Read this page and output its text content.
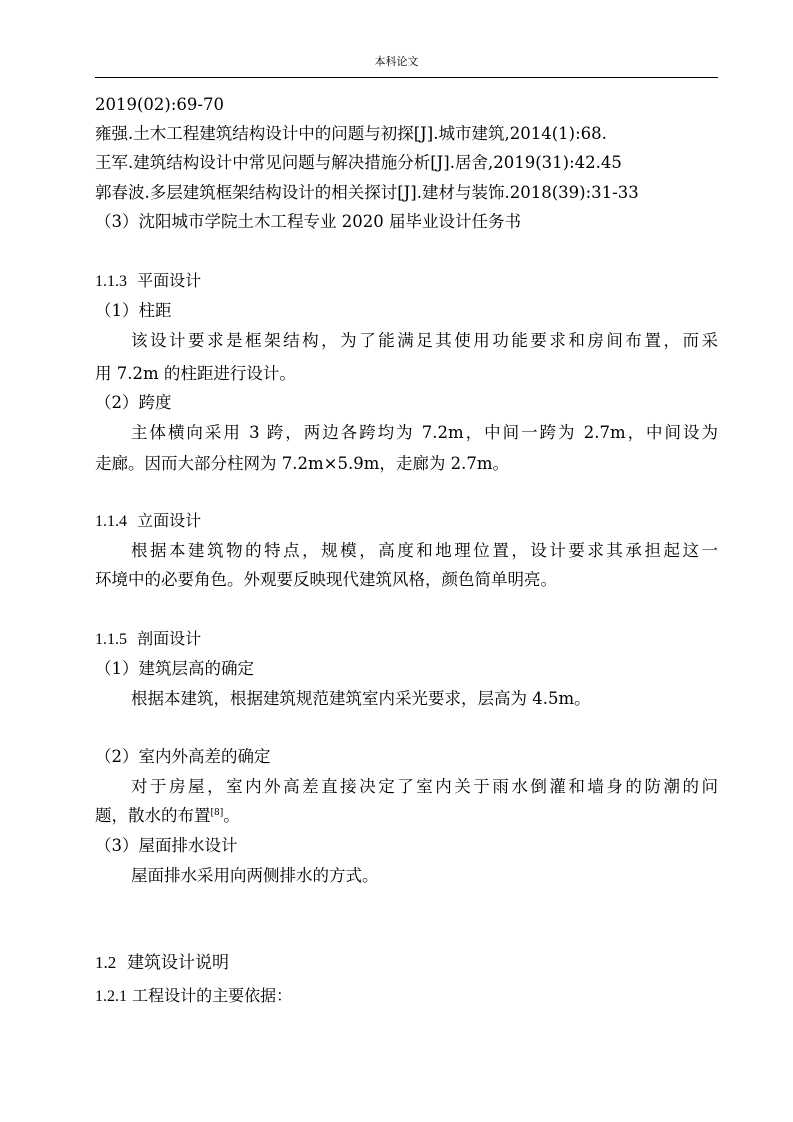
本科论文
2019(02):69-70
雍强.土木工程建筑结构设计中的问题与初探[J].城市建筑,2014(1):68.
王军.建筑结构设计中常见问题与解决措施分析[J].居舍,2019(31):42.45
郭春波.多层建筑框架结构设计的相关探讨[J].建材与装饰.2018(39):31-33
（3）沈阳城市学院土木工程专业 2020 届毕业设计任务书
1.1.3 平面设计
（1）柱距
该设计要求是框架结构，为了能满足其使用功能要求和房间布置，而采
用 7.2m 的柱距进行设计。
（2）跨度
主体横向采用 3 跨，两边各跨均为 7.2m，中间一跨为 2.7m，中间设为
走廊。因而大部分柱网为 7.2m×5.9m，走廊为 2.7m。
1.1.4 立面设计
根据本建筑物的特点，规模，高度和地理位置，设计要求其承担起这一
环境中的必要角色。外观要反映现代建筑风格，颜色简单明亮。
1.1.5 剖面设计
（1）建筑层高的确定
根据本建筑，根据建筑规范建筑室内采光要求，层高为 4.5m。
（2）室内外高差的确定
对于房屋，室内外高差直接决定了室内关于雨水倒灌和墙身的防潮的问
题，散水的布置[8]。
（3）屋面排水设计
屋面排水采用向两侧排水的方式。
1.2 建筑设计说明
1.2.1 工程设计的主要依据：
